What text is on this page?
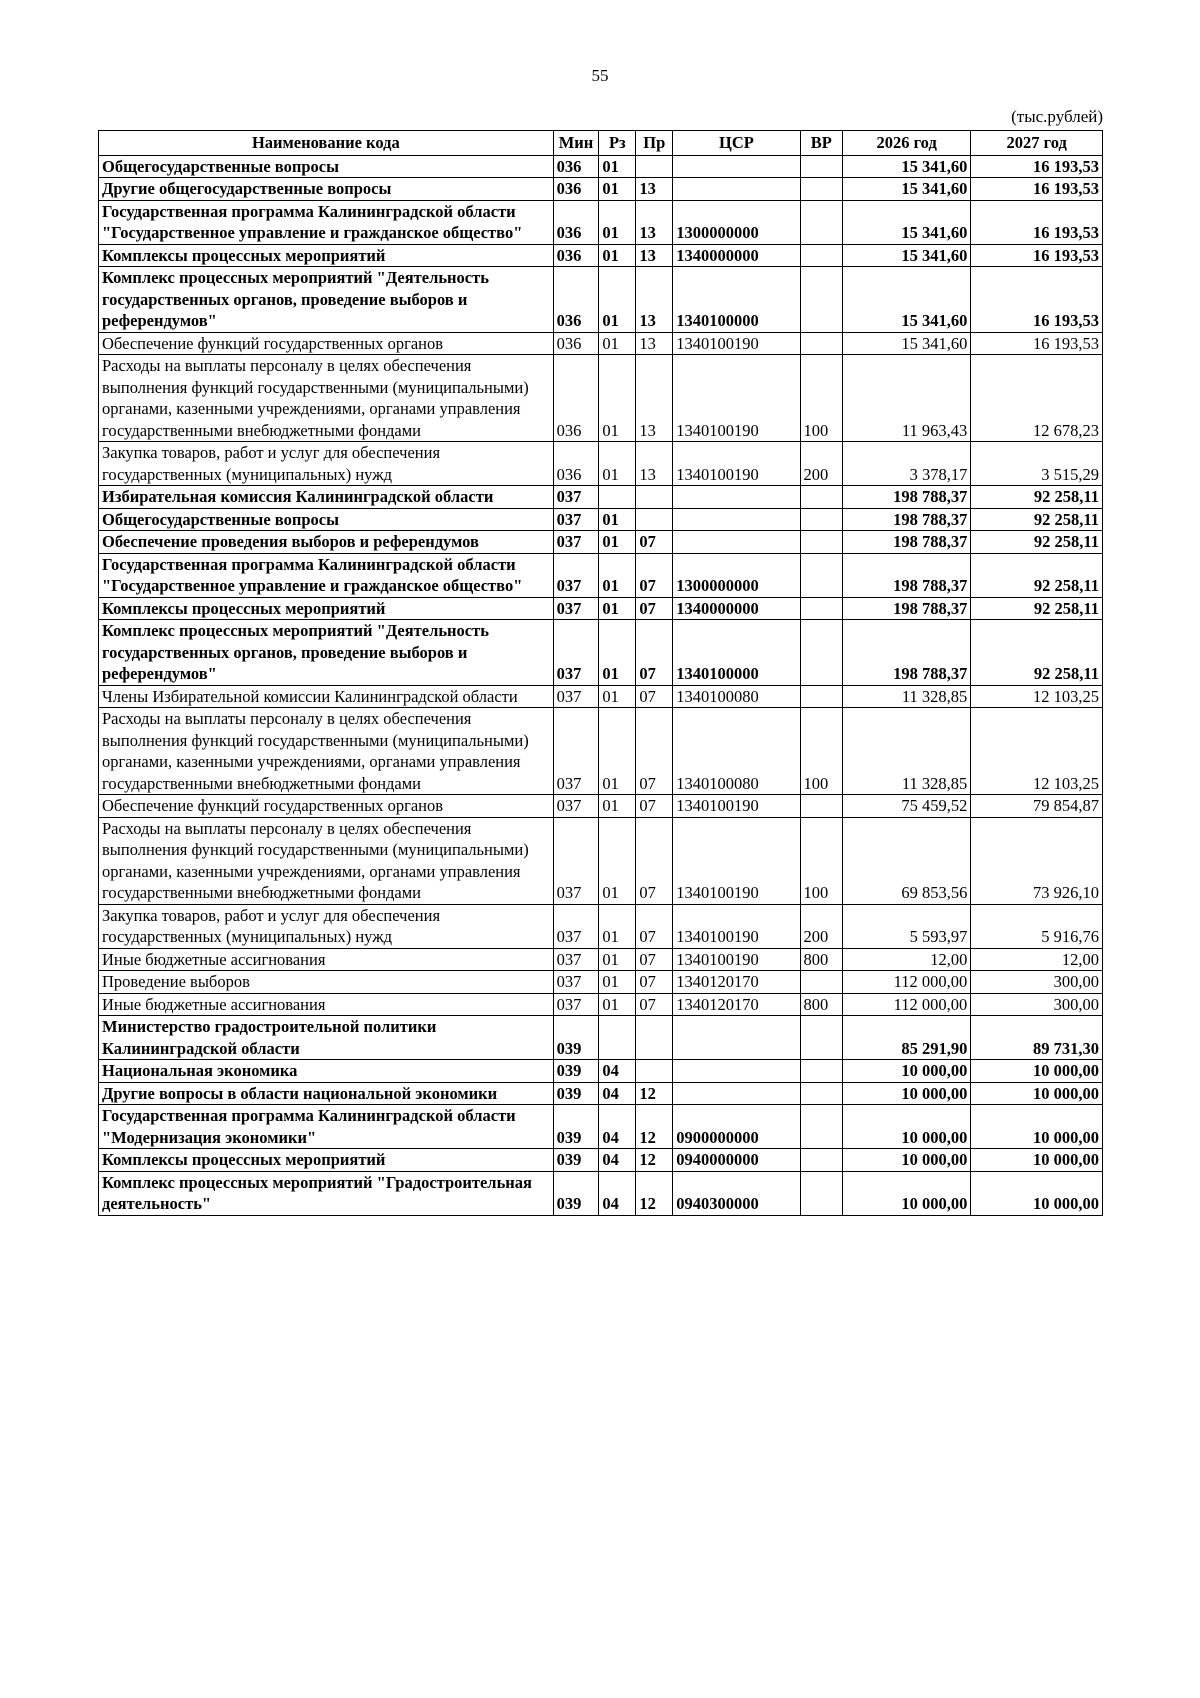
55
(тыс.рублей)
Наименование кода	Мин	Рз	Пр	ЦСР	ВР	2026 год	2027 год
Общегосударственные вопросы	036	01				15 341,60	16 193,53
Другие общегосударственные вопросы	036	01	13			15 341,60	16 193,53
Государственная программа Калининградской области "Государственное управление и гражданское общество"	036	01	13	1300000000		15 341,60	16 193,53
Комплексы процессных мероприятий	036	01	13	1340000000		15 341,60	16 193,53
Комплекс процессных мероприятий "Деятельность государственных органов, проведение выборов и референдумов"	036	01	13	1340100000		15 341,60	16 193,53
Обеспечение функций государственных органов	036	01	13	1340100190		15 341,60	16 193,53
Расходы на выплаты персоналу в целях обеспечения выполнения функций государственными (муниципальными) органами, казенными учреждениями, органами управления государственными внебюджетными фондами	036	01	13	1340100190	100	11 963,43	12 678,23
Закупка товаров, работ и услуг для обеспечения государственных (муниципальных) нужд	036	01	13	1340100190	200	3 378,17	3 515,29
Избирательная комиссия Калининградской области	037					198 788,37	92 258,11
Общегосударственные вопросы	037	01				198 788,37	92 258,11
Обеспечение проведения выборов и референдумов	037	01	07			198 788,37	92 258,11
Государственная программа Калининградской области "Государственное управление и гражданское общество"	037	01	07	1300000000		198 788,37	92 258,11
Комплексы процессных мероприятий	037	01	07	1340000000		198 788,37	92 258,11
Комплекс процессных мероприятий "Деятельность государственных органов, проведение выборов и референдумов"	037	01	07	1340100000		198 788,37	92 258,11
Члены Избирательной комиссии Калининградской области	037	01	07	1340100080		11 328,85	12 103,25
Расходы на выплаты персоналу в целях обеспечения выполнения функций государственными (муниципальными) органами, казенными учреждениями, органами управления государственными внебюджетными фондами	037	01	07	1340100080	100	11 328,85	12 103,25
Обеспечение функций государственных органов	037	01	07	1340100190		75 459,52	79 854,87
Расходы на выплаты персоналу в целях обеспечения выполнения функций государственными (муниципальными) органами, казенными учреждениями, органами управления государственными внебюджетными фондами	037	01	07	1340100190	100	69 853,56	73 926,10
Закупка товаров, работ и услуг для обеспечения государственных (муниципальных) нужд	037	01	07	1340100190	200	5 593,97	5 916,76
Иные бюджетные ассигнования	037	01	07	1340100190	800	12,00	12,00
Проведение выборов	037	01	07	1340120170		112 000,00	300,00
Иные бюджетные ассигнования	037	01	07	1340120170	800	112 000,00	300,00
Министерство градостроительной политики Калининградской области	039					85 291,90	89 731,30
Национальная экономика	039	04				10 000,00	10 000,00
Другие вопросы в области национальной экономики	039	04	12			10 000,00	10 000,00
Государственная программа Калининградской области "Модернизация экономики"	039	04	12	0900000000		10 000,00	10 000,00
Комплексы процессных мероприятий	039	04	12	0940000000		10 000,00	10 000,00
Комплекс процессных мероприятий "Градостроительная деятельность"	039	04	12	0940300000		10 000,00	10 000,00
